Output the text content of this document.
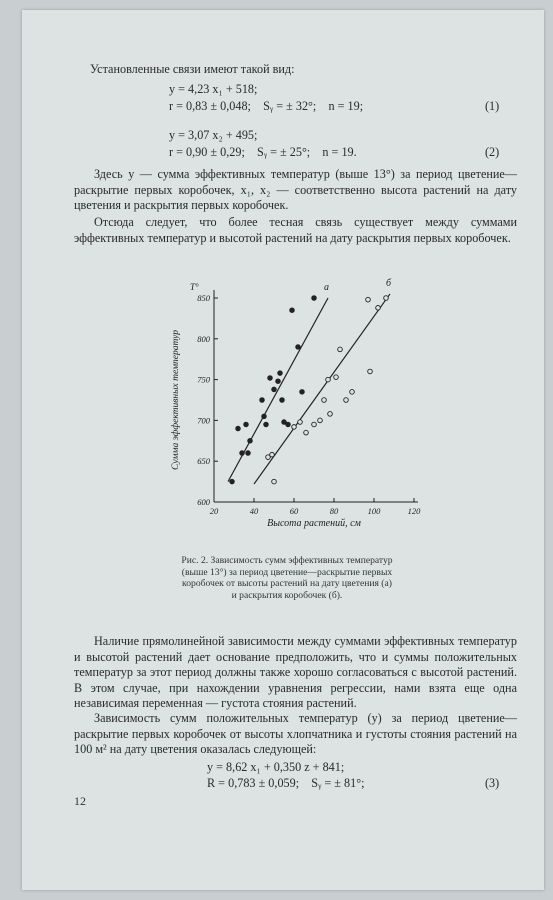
Установленные связи имеют такой вид:
y = 4,23 x₁ + 518;
r = 0,83 ± 0,048;    Sᵧ = ± 32°;    n = 19;	(1)
y = 3,07 x₂ + 495;
r = 0,90 ± 0,29;    Sᵧ = ± 25°;    n = 19.	(2)
Здесь y — сумма эффективных температур (выше 13°) за период цветение—раскрытие первых коробочек, x₁, x₂ — соответственно высота растений на дату цветения и раскрытия первых коробочек.
Отсюда следует, что более тесная связь существует между суммами эффективных температур и высотой растений на дату раскрытия первых коробочек.
600
650
700
750
800
850
20	40	60	80	100	120
T°
Сумма эффективных температур
Высота растений, см
а	б
Рис. 2. Зависимость сумм эффективных температур
(выше 13°) за период цветение—раскрытие первых
коробочек от высоты растений на дату цветения (а)
и раскрытия коробочек (б).
Наличие прямолинейной зависимости между суммами эффективных температур и высотой растений дает основание предположить, что и суммы положительных температур за этот период должны также хорошо согласоваться с высотой растений. В этом случае, при нахождении уравнения регрессии, нами взята еще одна независимая переменная — густота стояния растений.
Зависимость сумм положительных температур (y) за период цветение—раскрытие первых коробочек от высоты хлопчатника и густоты стояния растений на 100 м² на дату цветения оказалась следующей:
y = 8,62 x₁ + 0,350 z + 841;
R = 0,783 ± 0,059;    Sᵧ = ± 81°;	(3)
12
